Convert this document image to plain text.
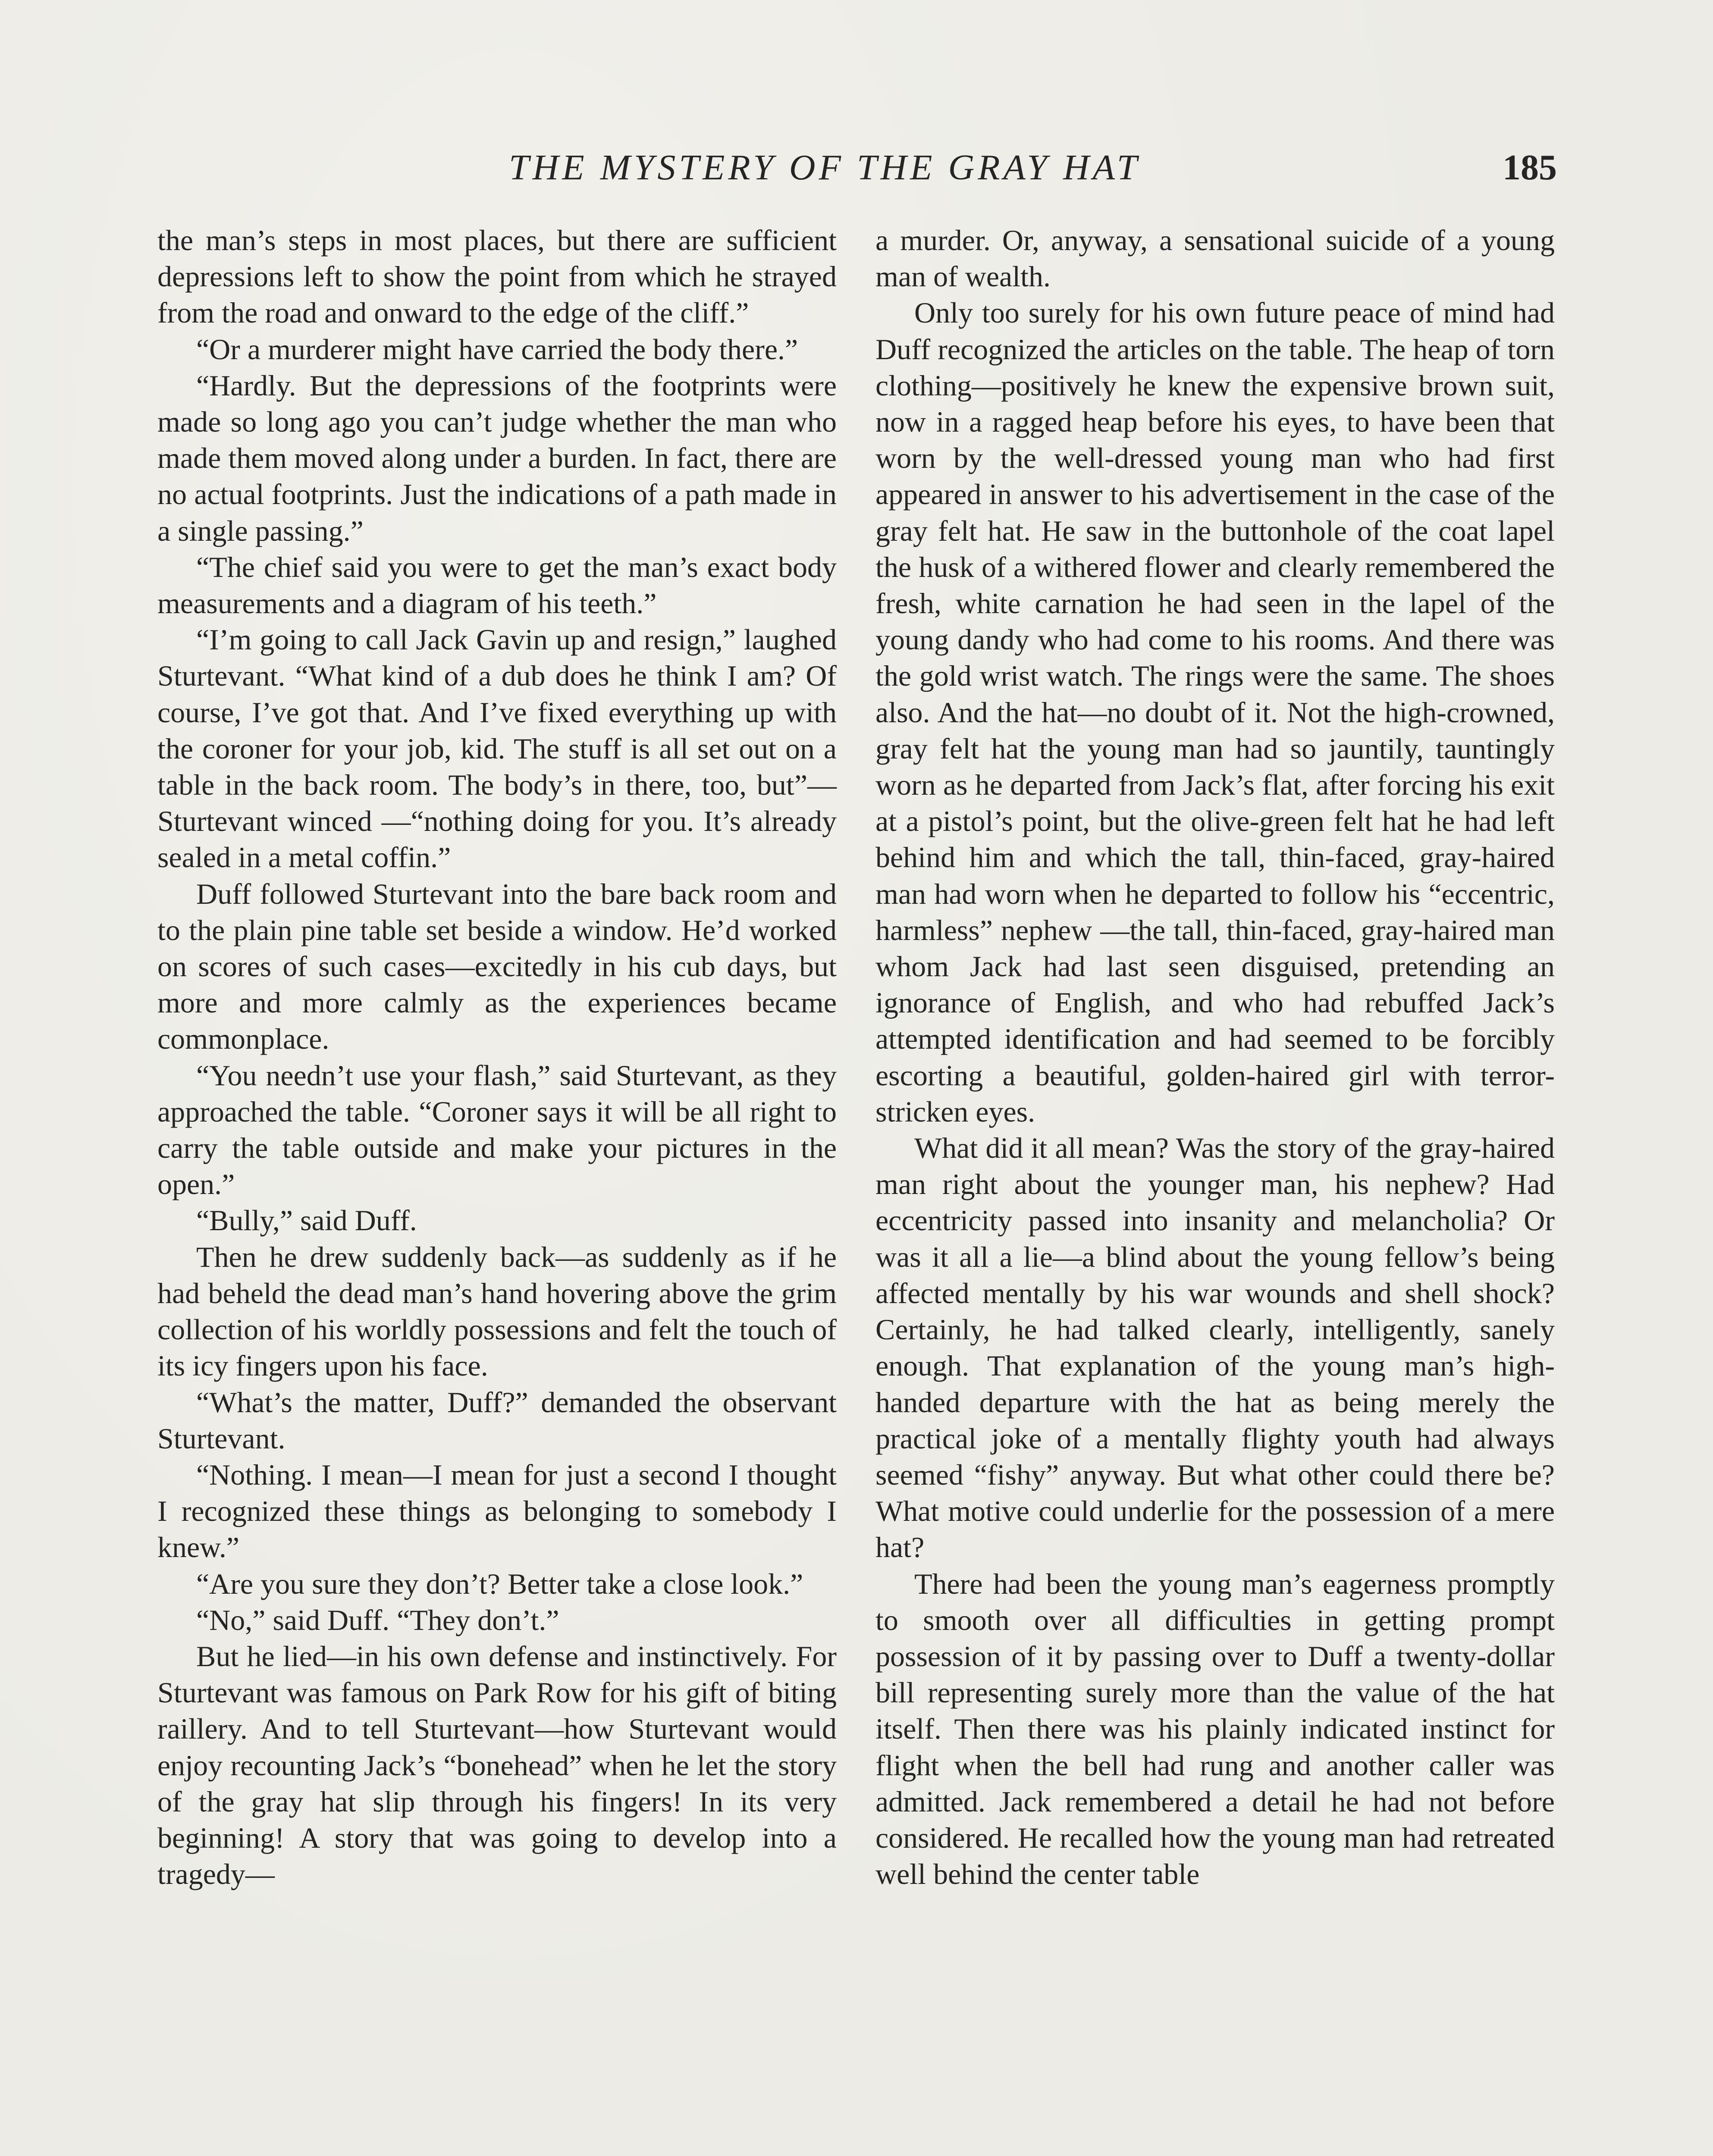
THE MYSTERY OF THE GRAY HAT	185

the man’s steps in most places, but there are sufficient depressions left to show the point from which he strayed from the road and onward to the edge of the cliff.”

“Or a murderer might have carried the body there.”

“Hardly. But the depressions of the footprints were made so long ago you can’t judge whether the man who made them moved along under a burden. In fact, there are no actual footprints. Just the indications of a path made in a single passing.”

“The chief said you were to get the man’s exact body measurements and a diagram of his teeth.”

“I’m going to call Jack Gavin up and resign,” laughed Sturtevant. “What kind of a dub does he think I am? Of course, I’ve got that. And I’ve fixed everything up with the coroner for your job, kid. The stuff is all set out on a table in the back room. The body’s in there, too, but”—Sturtevant winced —“nothing doing for you. It’s already sealed in a metal coffin.”

Duff followed Sturtevant into the bare back room and to the plain pine table set beside a window. He’d worked on scores of such cases—excitedly in his cub days, but more and more calmly as the experiences became commonplace.

“You needn’t use your flash,” said Sturtevant, as they approached the table. “Coroner says it will be all right to carry the table outside and make your pictures in the open.”

“Bully,” said Duff.

Then he drew suddenly back—as suddenly as if he had beheld the dead man’s hand hovering above the grim collection of his worldly possessions and felt the touch of its icy fingers upon his face.

“What’s the matter, Duff?” demanded the observant Sturtevant.

“Nothing. I mean—I mean for just a second I thought I recognized these things as belonging to somebody I knew.”

“Are you sure they don’t? Better take a close look.”

“No,” said Duff. “They don’t.”

But he lied—in his own defense and instinctively. For Sturtevant was famous on Park Row for his gift of biting raillery. And to tell Sturtevant—how Sturtevant would enjoy recounting Jack’s “bonehead” when he let the story of the gray hat slip through his fingers! In its very beginning! A story that was going to develop into a tragedy—

a murder. Or, anyway, a sensational suicide of a young man of wealth.

Only too surely for his own future peace of mind had Duff recognized the articles on the table. The heap of torn clothing—positively he knew the expensive brown suit, now in a ragged heap before his eyes, to have been that worn by the well-dressed young man who had first appeared in answer to his advertisement in the case of the gray felt hat. He saw in the buttonhole of the coat lapel the husk of a withered flower and clearly remembered the fresh, white carnation he had seen in the lapel of the young dandy who had come to his rooms. And there was the gold wrist watch. The rings were the same. The shoes also. And the hat—no doubt of it. Not the high-crowned, gray felt hat the young man had so jauntily, tauntingly worn as he departed from Jack’s flat, after forcing his exit at a pistol’s point, but the olive-green felt hat he had left behind him and which the tall, thin-faced, gray-haired man had worn when he departed to follow his “eccentric, harmless” nephew —the tall, thin-faced, gray-haired man whom Jack had last seen disguised, pretending an ignorance of English, and who had rebuffed Jack’s attempted identification and had seemed to be forcibly escorting a beautiful, golden-haired girl with terror-stricken eyes.

What did it all mean? Was the story of the gray-haired man right about the younger man, his nephew? Had eccentricity passed into insanity and melancholia? Or was it all a lie—a blind about the young fellow’s being affected mentally by his war wounds and shell shock? Certainly, he had talked clearly, intelligently, sanely enough. That explanation of the young man’s high-handed departure with the hat as being merely the practical joke of a mentally flighty youth had always seemed “fishy” anyway. But what other could there be? What motive could underlie for the possession of a mere hat?

There had been the young man’s eagerness promptly to smooth over all difficulties in getting prompt possession of it by passing over to Duff a twenty-dollar bill representing surely more than the value of the hat itself. Then there was his plainly indicated instinct for flight when the bell had rung and another caller was admitted. Jack remembered a detail he had not before considered. He recalled how the young man had retreated well behind the center table
